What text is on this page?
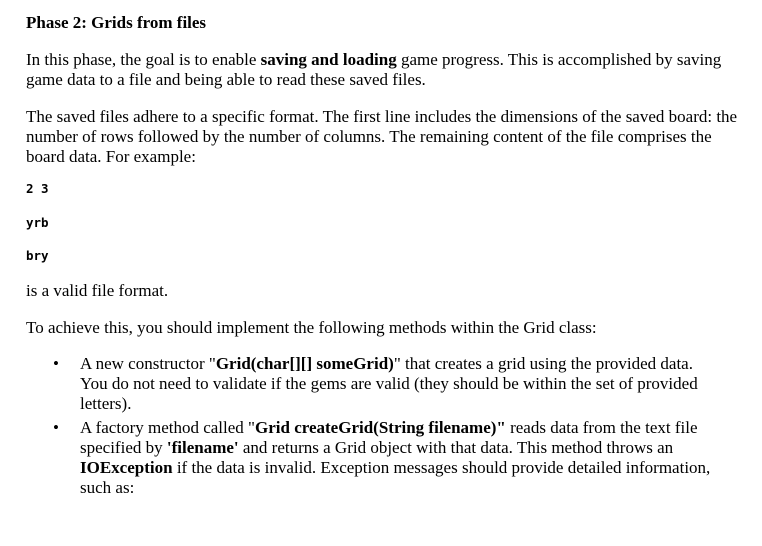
Phase 2: Grids from files

In this phase, the goal is to enable saving and loading game progress. This is accomplished by saving game data to a file and being able to read these saved files.

The saved files adhere to a specific format. The first line includes the dimensions of the saved board: the number of rows followed by the number of columns. The remaining content of the file comprises the board data. For example:

2 3
yrb
bry

is a valid file format.

To achieve this, you should implement the following methods within the Grid class:

• A new constructor "Grid(char[][] someGrid)" that creates a grid using the provided data. You do not need to validate if the gems are valid (they should be within the set of provided letters).
• A factory method called "Grid createGrid(String filename)" reads data from the text file specified by 'filename' and returns a Grid object with that data. This method throws an IOException if the data is invalid. Exception messages should provide detailed information, such as:
